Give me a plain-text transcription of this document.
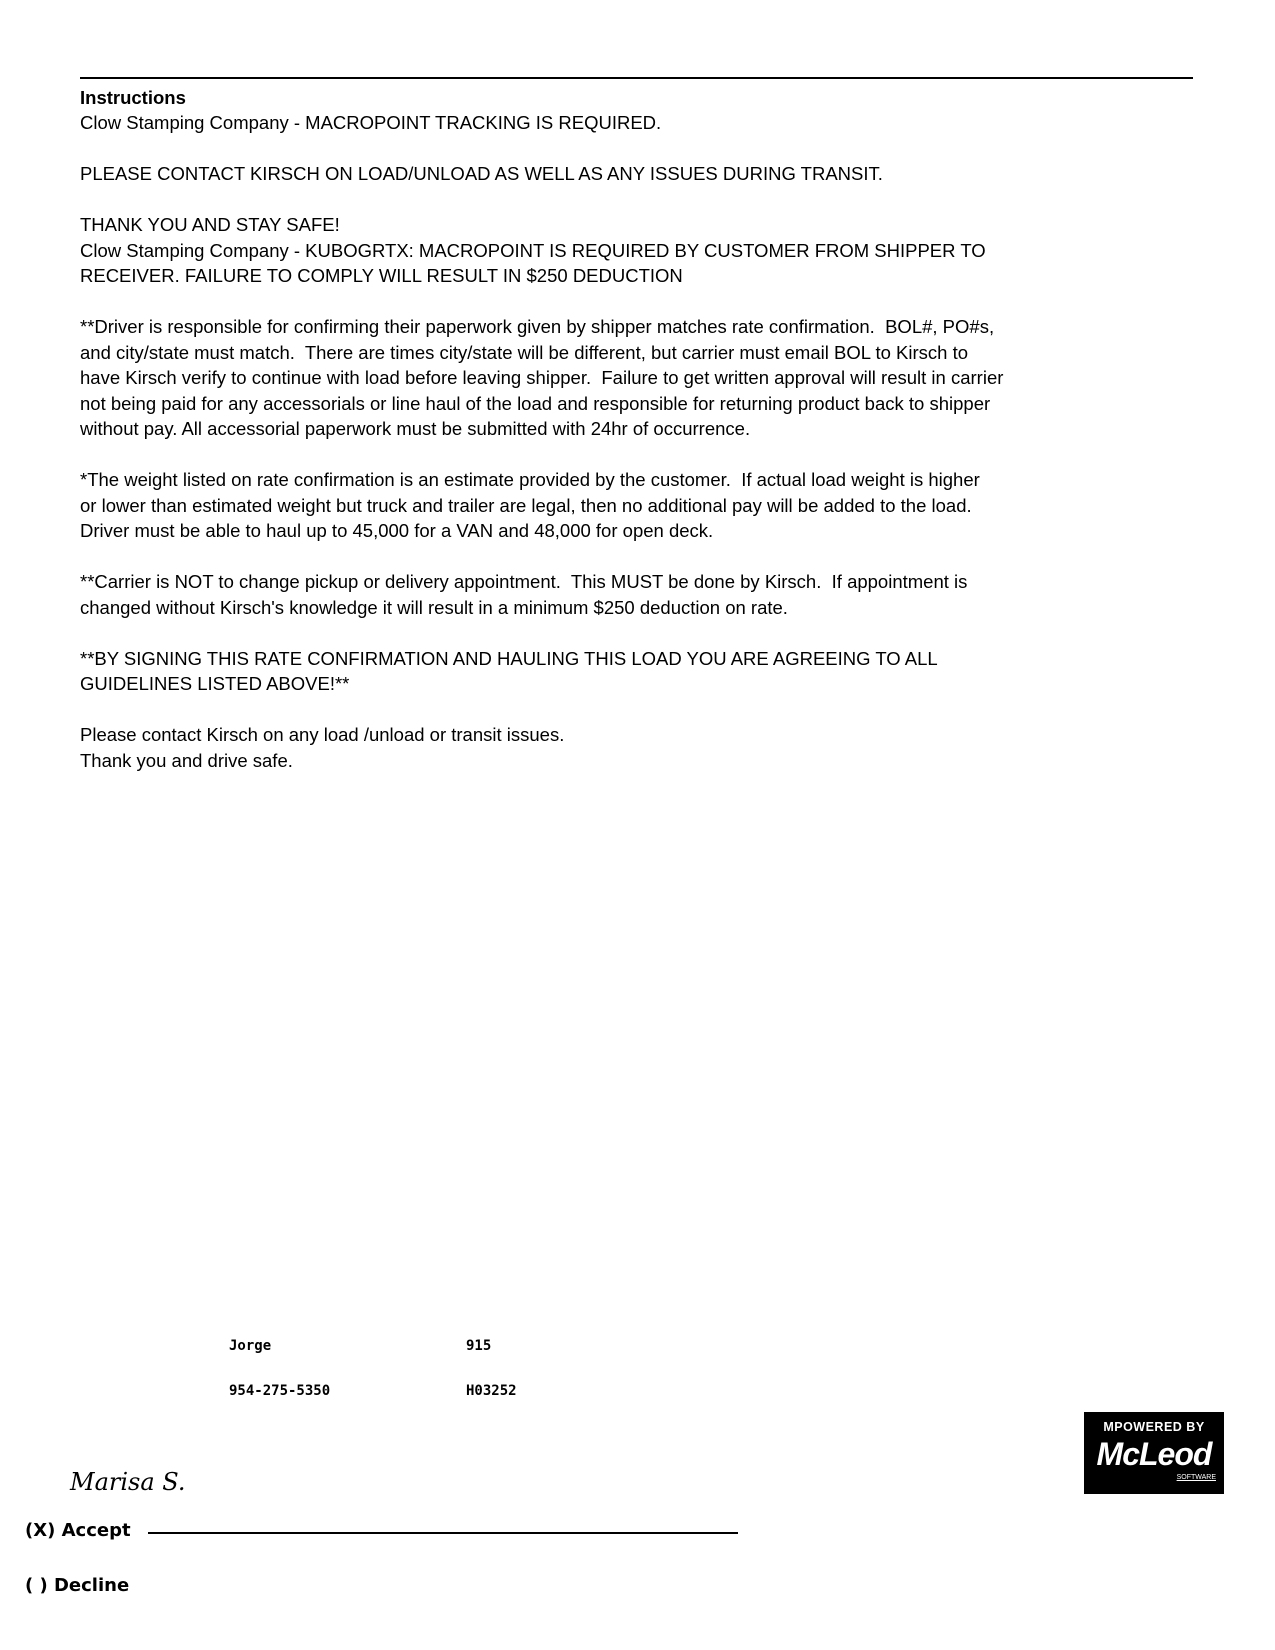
Instructions
Clow Stamping Company - MACROPOINT TRACKING IS REQUIRED.
PLEASE CONTACT KIRSCH ON LOAD/UNLOAD AS WELL AS ANY ISSUES DURING TRANSIT.
THANK YOU AND STAY SAFE!
Clow Stamping Company - KUBOGRTX: MACROPOINT IS REQUIRED BY CUSTOMER FROM SHIPPER TO
RECEIVER. FAILURE TO COMPLY WILL RESULT IN $250 DEDUCTION
**Driver is responsible for confirming their paperwork given by shipper matches rate confirmation.  BOL#, PO#s,
and city/state must match.  There are times city/state will be different, but carrier must email BOL to Kirsch to
have Kirsch verify to continue with load before leaving shipper.  Failure to get written approval will result in carrier
not being paid for any accessorials or line haul of the load and responsible for returning product back to shipper
without pay. All accessorial paperwork must be submitted with 24hr of occurrence.
*The weight listed on rate confirmation is an estimate provided by the customer.  If actual load weight is higher
or lower than estimated weight but truck and trailer are legal, then no additional pay will be added to the load.
Driver must be able to haul up to 45,000 for a VAN and 48,000 for open deck.
**Carrier is NOT to change pickup or delivery appointment.  This MUST be done by Kirsch.  If appointment is
changed without Kirsch's knowledge it will result in a minimum $250 deduction on rate.
**BY SIGNING THIS RATE CONFIRMATION AND HAULING THIS LOAD YOU ARE AGREEING TO ALL
GUIDELINES LISTED ABOVE!**
Please contact Kirsch on any load /unload or transit issues.
Thank you and drive safe.
Jorge	915
954-275-5350	H03252
Marisa S.
(X) Accept
( ) Decline
MPOWERED BY
McLeod
SOFTWARE
